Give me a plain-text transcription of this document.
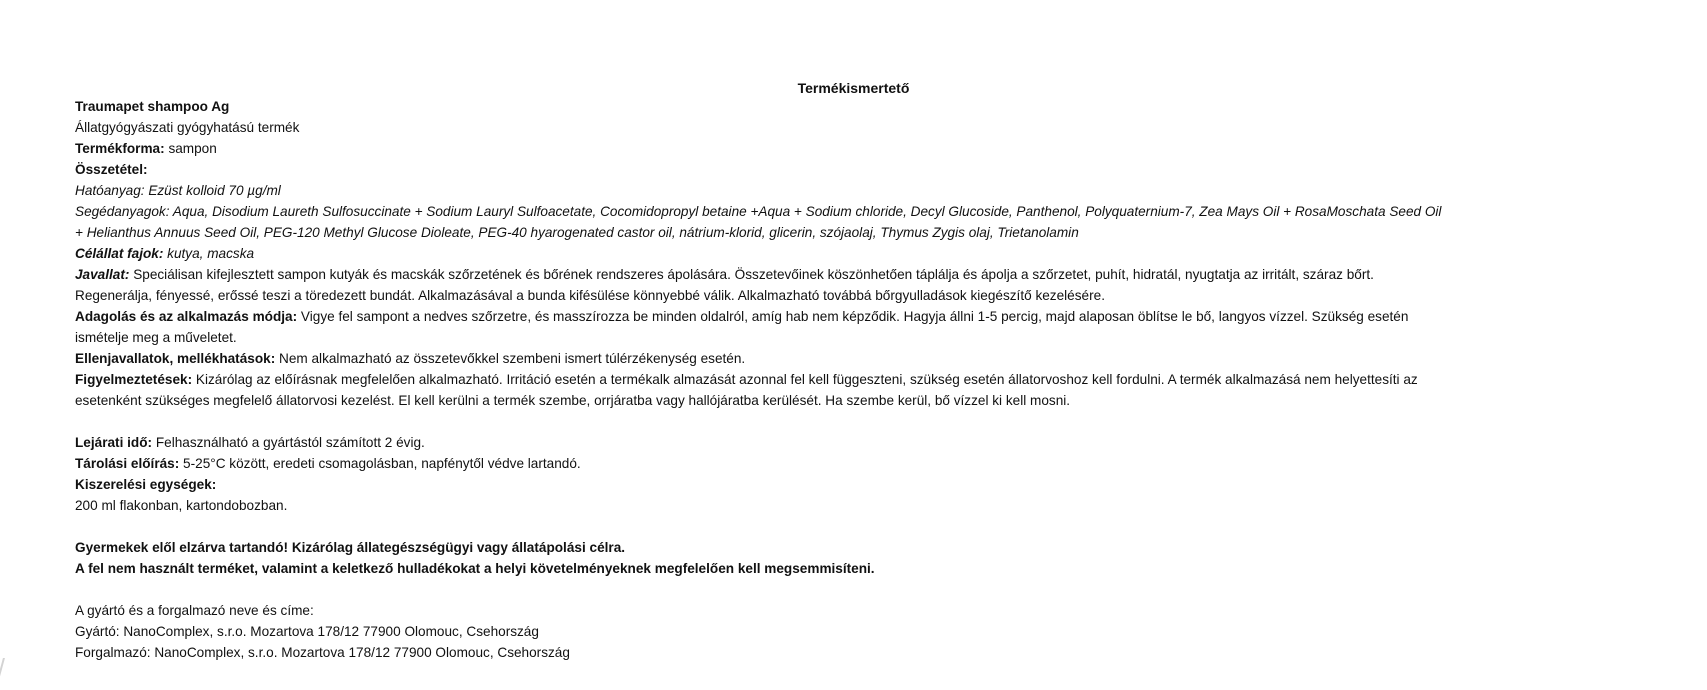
Termékismertető
Traumapet shampoo Ag
Állatgyógyászati gyógyhatású termék
Termékforma: sampon
Összetétel:
Hatóanyag: Ezüst kolloid 70 µg/ml
Segédanyagok: Aqua, Disodium Laureth Sulfosuccinate + Sodium Lauryl Sulfoacetate, Cocomidopropyl betaine +Aqua + Sodium chloride, Decyl Glucoside, Panthenol, Polyquaternium-7, Zea Mays Oil + RosaMoschata Seed Oil
+ Helianthus Annuus Seed Oil, PEG-120 Methyl Glucose Dioleate, PEG-40 hyarogenated castor oil, nátrium-klorid, glicerin, szójaolaj, Thymus Zygis olaj, Trietanolamin
Célállat fajok: kutya, macska
Javallat: Speciálisan kifejlesztett sampon kutyák és macskák szőrzetének és bőrének rendszeres ápolására. Összetevőinek köszönhetően táplálja és ápolja a szőrzetet, puhít, hidratál, nyugtatja az irritált, száraz bőrt.
Regenerálja, fényessé, erőssé teszi a töredezett bundát. Alkalmazásával a bunda kifésülése könnyebbé válik. Alkalmazható továbbá bőrgyulladások kiegészítő kezelésére.
Adagolás és az alkalmazás módja: Vigye fel sampont a nedves szőrzetre, és masszírozza be minden oldalról, amíg hab nem képződik. Hagyja állni 1-5 percig, majd alaposan öblítse le bő, langyos vízzel. Szükség esetén
ismételje meg a műveletet.
Ellenjavallatok, mellékhatások: Nem alkalmazható az összetevőkkel szembeni ismert túlérzékenység esetén.
Figyelmeztetések: Kizárólag az előírásnak megfelelően alkalmazható. Irritáció esetén a termékalk almazását azonnal fel kell függeszteni, szükség esetén állatorvoshoz kell fordulni. A termék alkalmazásá nem helyettesíti az
esetenként szükséges megfelelő állatorvosi kezelést. El kell kerülni a termék szembe, orrjáratba vagy hallójáratba kerülését. Ha szembe kerül, bő vízzel ki kell mosni.
Lejárati idő: Felhasználható a gyártástól számított 2 évig.
Tárolási előírás: 5-25°C között, eredeti csomagolásban, napfénytől védve lartandó.
Kiszerelési egységek:
200 ml flakonban, kartondobozban.
Gyermekek elől elzárva tartandó! Kizárólag állategészségügyi vagy állatápolási célra.
A fel nem használt terméket, valamint a keletkező hulladékokat a helyi követelményeknek megfelelően kell megsemmisíteni.
A gyártó és a forgalmazó neve és címe:
Gyártó: NanoComplex, s.r.o. Mozartova 178/12 77900 Olomouc, Csehország
Forgalmazó: NanoComplex, s.r.o. Mozartova 178/12 77900 Olomouc, Csehország
